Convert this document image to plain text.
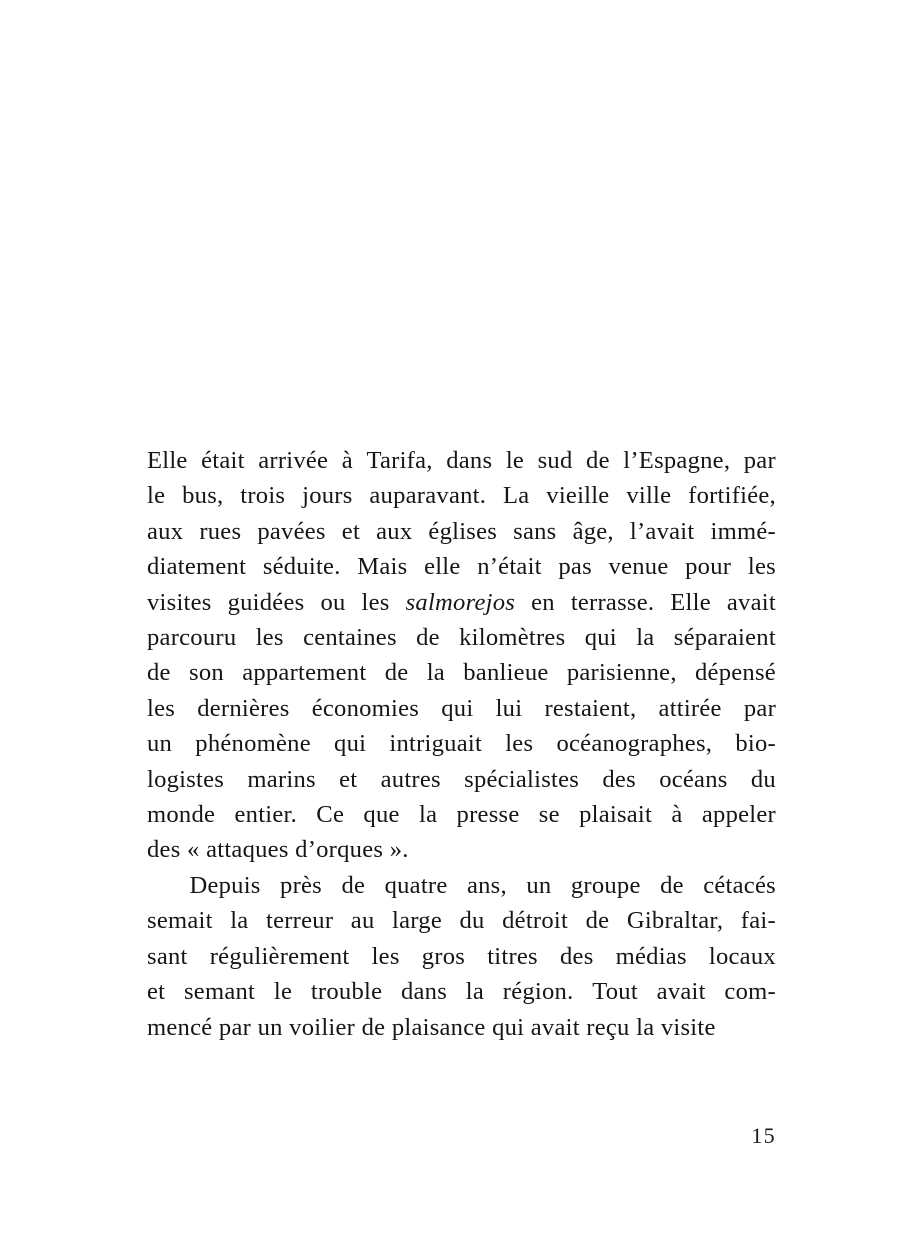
Elle était arrivée à Tarifa, dans le sud de l’Espagne, par
le bus, trois jours auparavant. La vieille ville fortifiée,
aux rues pavées et aux églises sans âge, l’avait immé-
diatement séduite. Mais elle n’était pas venue pour les
visites guidées ou les salmorejos en terrasse. Elle avait
parcouru les centaines de kilomètres qui la séparaient
de son appartement de la banlieue parisienne, dépensé
les dernières économies qui lui restaient, attirée par
un phénomène qui intriguait les océanographes, bio-
logistes marins et autres spécialistes des océans du
monde entier. Ce que la presse se plaisait à appeler
des « attaques d’orques ».

Depuis près de quatre ans, un groupe de cétacés
semait la terreur au large du détroit de Gibraltar, fai-
sant régulièrement les gros titres des médias locaux
et semant le trouble dans la région. Tout avait com-
mencé par un voilier de plaisance qui avait reçu la visite

15
